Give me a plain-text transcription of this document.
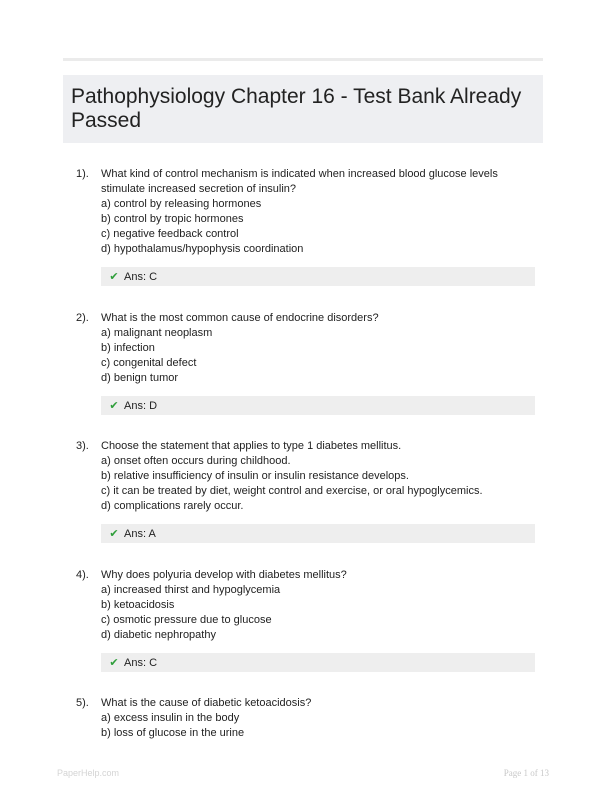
Pathophysiology Chapter 16 - Test Bank Already Passed
1). What kind of control mechanism is indicated when increased blood glucose levels stimulate increased secretion of insulin?
a) control by releasing hormones
b) control by tropic hormones
c) negative feedback control
d) hypothalamus/hypophysis coordination
✔ Ans: C
2). What is the most common cause of endocrine disorders?
a) malignant neoplasm
b) infection
c) congenital defect
d) benign tumor
✔ Ans: D
3). Choose the statement that applies to type 1 diabetes mellitus.
a) onset often occurs during childhood.
b) relative insufficiency of insulin or insulin resistance develops.
c) it can be treated by diet, weight control and exercise, or oral hypoglycemics.
d) complications rarely occur.
✔ Ans: A
4). Why does polyuria develop with diabetes mellitus?
a) increased thirst and hypoglycemia
b) ketoacidosis
c) osmotic pressure due to glucose
d) diabetic nephropathy
✔ Ans: C
5). What is the cause of diabetic ketoacidosis?
a) excess insulin in the body
b) loss of glucose in the urine
PaperHelp.com	Page 1 of 13
